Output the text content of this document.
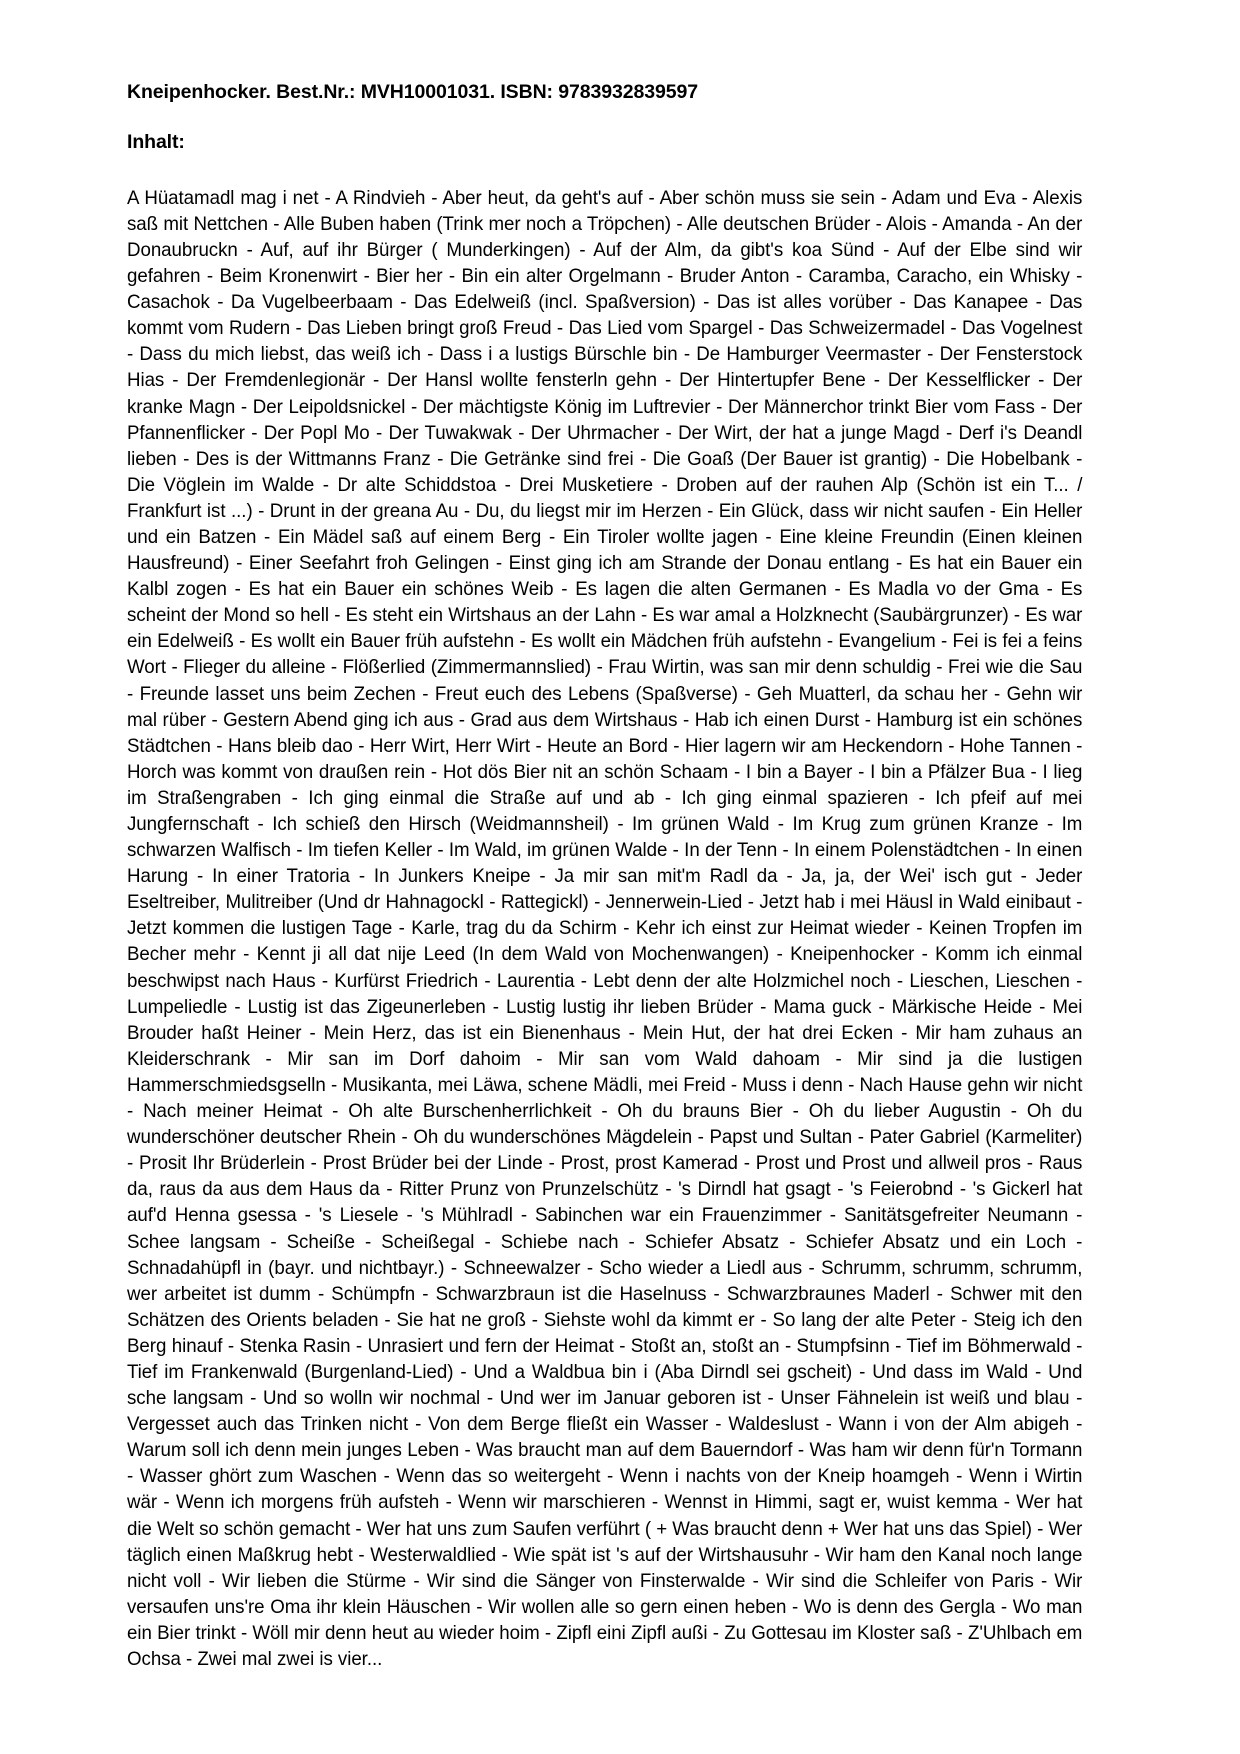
Kneipenhocker. Best.Nr.: MVH10001031. ISBN: 9783932839597
Inhalt:

A Hüatamadl mag i net - A Rindvieh - Aber heut, da geht's auf - Aber schön muss sie sein - Adam und Eva - Alexis saß mit Nettchen - Alle Buben haben (Trink mer noch a Tröpchen) - Alle deutschen Brüder - Alois - Amanda - An der Donaubruckn - Auf, auf ihr Bürger ( Munderkingen) - Auf der Alm, da gibt's koa Sünd - Auf der Elbe sind wir gefahren - Beim Kronenwirt - Bier her - Bin ein alter Orgelmann - Bruder Anton - Caramba, Caracho, ein Whisky - Casachok - Da Vugelbeerbaam - Das Edelweiß (incl. Spaßversion) - Das ist alles vorüber - Das Kanapee - Das kommt vom Rudern - Das Lieben bringt groß Freud - Das Lied vom Spargel - Das Schweizermadel - Das Vogelnest - Dass du mich liebst, das weiß ich - Dass i a lustigs Bürschle bin - De Hamburger Veermaster - Der Fensterstock Hias - Der Fremdenlegionär - Der Hansl wollte fensterln gehn - Der Hintertupfer Bene - Der Kesselflicker - Der kranke Magn - Der Leipoldsnickel - Der mächtigste König im Luftrevier - Der Männerchor trinkt Bier vom Fass - Der Pfannenflicker - Der Popl Mo - Der Tuwakwak - Der Uhrmacher - Der Wirt, der hat a junge Magd - Derf i's Deandl lieben - Des is der Wittmanns Franz - Die Getränke sind frei - Die Goaß (Der Bauer ist grantig) - Die Hobelbank - Die Vöglein im Walde - Dr alte Schiddstoa - Drei Musketiere - Droben auf der rauhen Alp (Schön ist ein T... / Frankfurt ist ...) - Drunt in der greana Au - Du, du liegst mir im Herzen - Ein Glück, dass wir nicht saufen - Ein Heller und ein Batzen - Ein Mädel saß auf einem Berg - Ein Tiroler wollte jagen - Eine kleine Freundin (Einen kleinen Hausfreund) - Einer Seefahrt froh Gelingen - Einst ging ich am Strande der Donau entlang - Es hat ein Bauer ein Kalbl zogen - Es hat ein Bauer ein schönes Weib - Es lagen die alten Germanen - Es Madla vo der Gma - Es scheint der Mond so hell - Es steht ein Wirtshaus an der Lahn - Es war amal a Holzknecht (Saubärgrunzer) - Es war ein Edelweiß - Es wollt ein Bauer früh aufstehn - Es wollt ein Mädchen früh aufstehn - Evangelium - Fei is fei a feins Wort - Flieger du alleine - Flößerlied (Zimmermannslied) - Frau Wirtin, was san mir denn schuldig - Frei wie die Sau - Freunde lasset uns beim Zechen - Freut euch des Lebens (Spaßverse) - Geh Muatterl, da schau her - Gehn wir mal rüber - Gestern Abend ging ich aus - Grad aus dem Wirtshaus - Hab ich einen Durst - Hamburg ist ein schönes Städtchen - Hans bleib dao - Herr Wirt, Herr Wirt - Heute an Bord - Hier lagern wir am Heckendorn - Hohe Tannen - Horch was kommt von draußen rein - Hot dös Bier nit an schön Schaam - I bin a Bayer - I bin a Pfälzer Bua - I lieg im Straßengraben - Ich ging einmal die Straße auf und ab - Ich ging einmal spazieren - Ich pfeif auf mei Jungfernschaft - Ich schieß den Hirsch (Weidmannsheil) - Im grünen Wald - Im Krug zum grünen Kranze - Im schwarzen Walfisch - Im tiefen Keller - Im Wald, im grünen Walde - In der Tenn - In einem Polenstädtchen - In einen Harung - In einer Tratoria - In Junkers Kneipe - Ja mir san mit'm Radl da - Ja, ja, der Wei' isch gut - Jeder Eseltreiber, Mulitreiber (Und dr Hahnagockl - Rattegickl) - Jennerwein-Lied - Jetzt hab i mei Häusl in Wald einibaut - Jetzt kommen die lustigen Tage - Karle, trag du da Schirm - Kehr ich einst zur Heimat wieder - Keinen Tropfen im Becher mehr - Kennt ji all dat nije Leed (In dem Wald von Mochenwangen) - Kneipenhocker - Komm ich einmal beschwipst nach Haus - Kurfürst Friedrich - Laurentia - Lebt denn der alte Holzmichel noch - Lieschen, Lieschen - Lumpeliedle - Lustig ist das Zigeunerleben - Lustig lustig ihr lieben Brüder - Mama guck - Märkische Heide - Mei Brouder haßt Heiner - Mein Herz, das ist ein Bienenhaus - Mein Hut, der hat drei Ecken - Mir ham zuhaus an Kleiderschrank - Mir san im Dorf dahoim - Mir san vom Wald dahoam - Mir sind ja die lustigen Hammerschmiedsgselln - Musikanta, mei Läwa, schene Mädli, mei Freid - Muss i denn - Nach Hause gehn wir nicht - Nach meiner Heimat - Oh alte Burschenherrlichkeit - Oh du brauns Bier - Oh du lieber Augustin - Oh du wunderschöner deutscher Rhein - Oh du wunderschönes Mägdelein - Papst und Sultan - Pater Gabriel (Karmeliter) - Prosit Ihr Brüderlein - Prost Brüder bei der Linde - Prost, prost Kamerad - Prost und Prost und allweil pros - Raus da, raus da aus dem Haus da - Ritter Prunz von Prunzelschütz - 's Dirndl hat gsagt - 's Feierobnd - 's Gickerl hat auf'd Henna gsessa - 's Liesele - 's Mühlradl - Sabinchen war ein Frauenzimmer - Sanitätsgefreiter Neumann - Schee langsam - Scheiße - Scheißegal - Schiebe nach - Schiefer Absatz - Schiefer Absatz und ein Loch - Schnadahüpfl in (bayr. und nichtbayr.) - Schneewalzer - Scho wieder a Liedl aus - Schrumm, schrumm, schrumm, wer arbeitet ist dumm - Schümpfn - Schwarzbraun ist die Haselnuss - Schwarzbraunes Maderl - Schwer mit den Schätzen des Orients beladen - Sie hat ne groß - Siehste wohl da kimmt er - So lang der alte Peter - Steig ich den Berg hinauf - Stenka Rasin - Unrasiert und fern der Heimat - Stoßt an, stoßt an - Stumpfsinn - Tief im Böhmerwald - Tief im Frankenwald (Burgenland-Lied) - Und a Waldbua bin i (Aba Dirndl sei gscheit) - Und dass im Wald - Und sche langsam - Und so wolln wir nochmal - Und wer im Januar geboren ist - Unser Fähnelein ist weiß und blau - Vergesset auch das Trinken nicht - Von dem Berge fließt ein Wasser - Waldeslust - Wann i von der Alm abigeh - Warum soll ich denn mein junges Leben - Was braucht man auf dem Bauerndorf - Was ham wir denn für'n Tormann - Wasser ghört zum Waschen - Wenn das so weitergeht - Wenn i nachts von der Kneip hoamgeh - Wenn i Wirtin wär - Wenn ich morgens früh aufsteh - Wenn wir marschieren - Wennst in Himmi, sagt er, wuist kemma - Wer hat die Welt so schön gemacht - Wer hat uns zum Saufen verführt ( + Was braucht denn + Wer hat uns das Spiel) - Wer täglich einen Maßkrug hebt - Westerwaldlied - Wie spät ist 's auf der Wirtshausuhr - Wir ham den Kanal noch lange nicht voll - Wir lieben die Stürme - Wir sind die Sänger von Finsterwalde - Wir sind die Schleifer von Paris - Wir versaufen uns're Oma ihr klein Häuschen - Wir wollen alle so gern einen heben - Wo is denn des Gergla - Wo man ein Bier trinkt - Wöll mir denn heut au wieder hoim - Zipfl eini Zipfl außi - Zu Gottesau im Kloster saß - Z'Uhlbach em Ochsa - Zwei mal zwei is vier...
